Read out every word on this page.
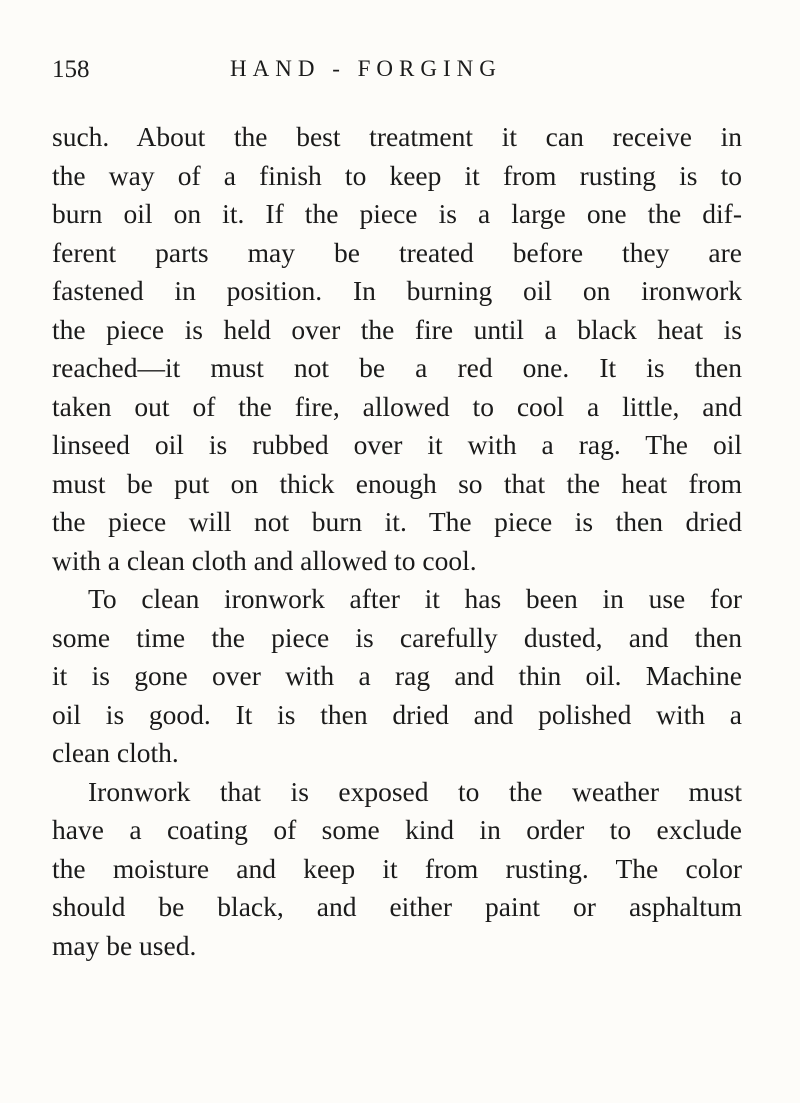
158	HAND - FORGING
such. About the best treatment it can receive in
the way of a finish to keep it from rusting is to
burn oil on it. If the piece is a large one the dif-
ferent parts may be treated before they are
fastened in position. In burning oil on ironwork
the piece is held over the fire until a black heat is
reached—it must not be a red one. It is then
taken out of the fire, allowed to cool a little, and
linseed oil is rubbed over it with a rag. The oil
must be put on thick enough so that the heat from
the piece will not burn it. The piece is then dried
with a clean cloth and allowed to cool.
To clean ironwork after it has been in use for
some time the piece is carefully dusted, and then
it is gone over with a rag and thin oil. Machine
oil is good. It is then dried and polished with a
clean cloth.
Ironwork that is exposed to the weather must
have a coating of some kind in order to exclude
the moisture and keep it from rusting. The color
should be black, and either paint or asphaltum
may be used.
